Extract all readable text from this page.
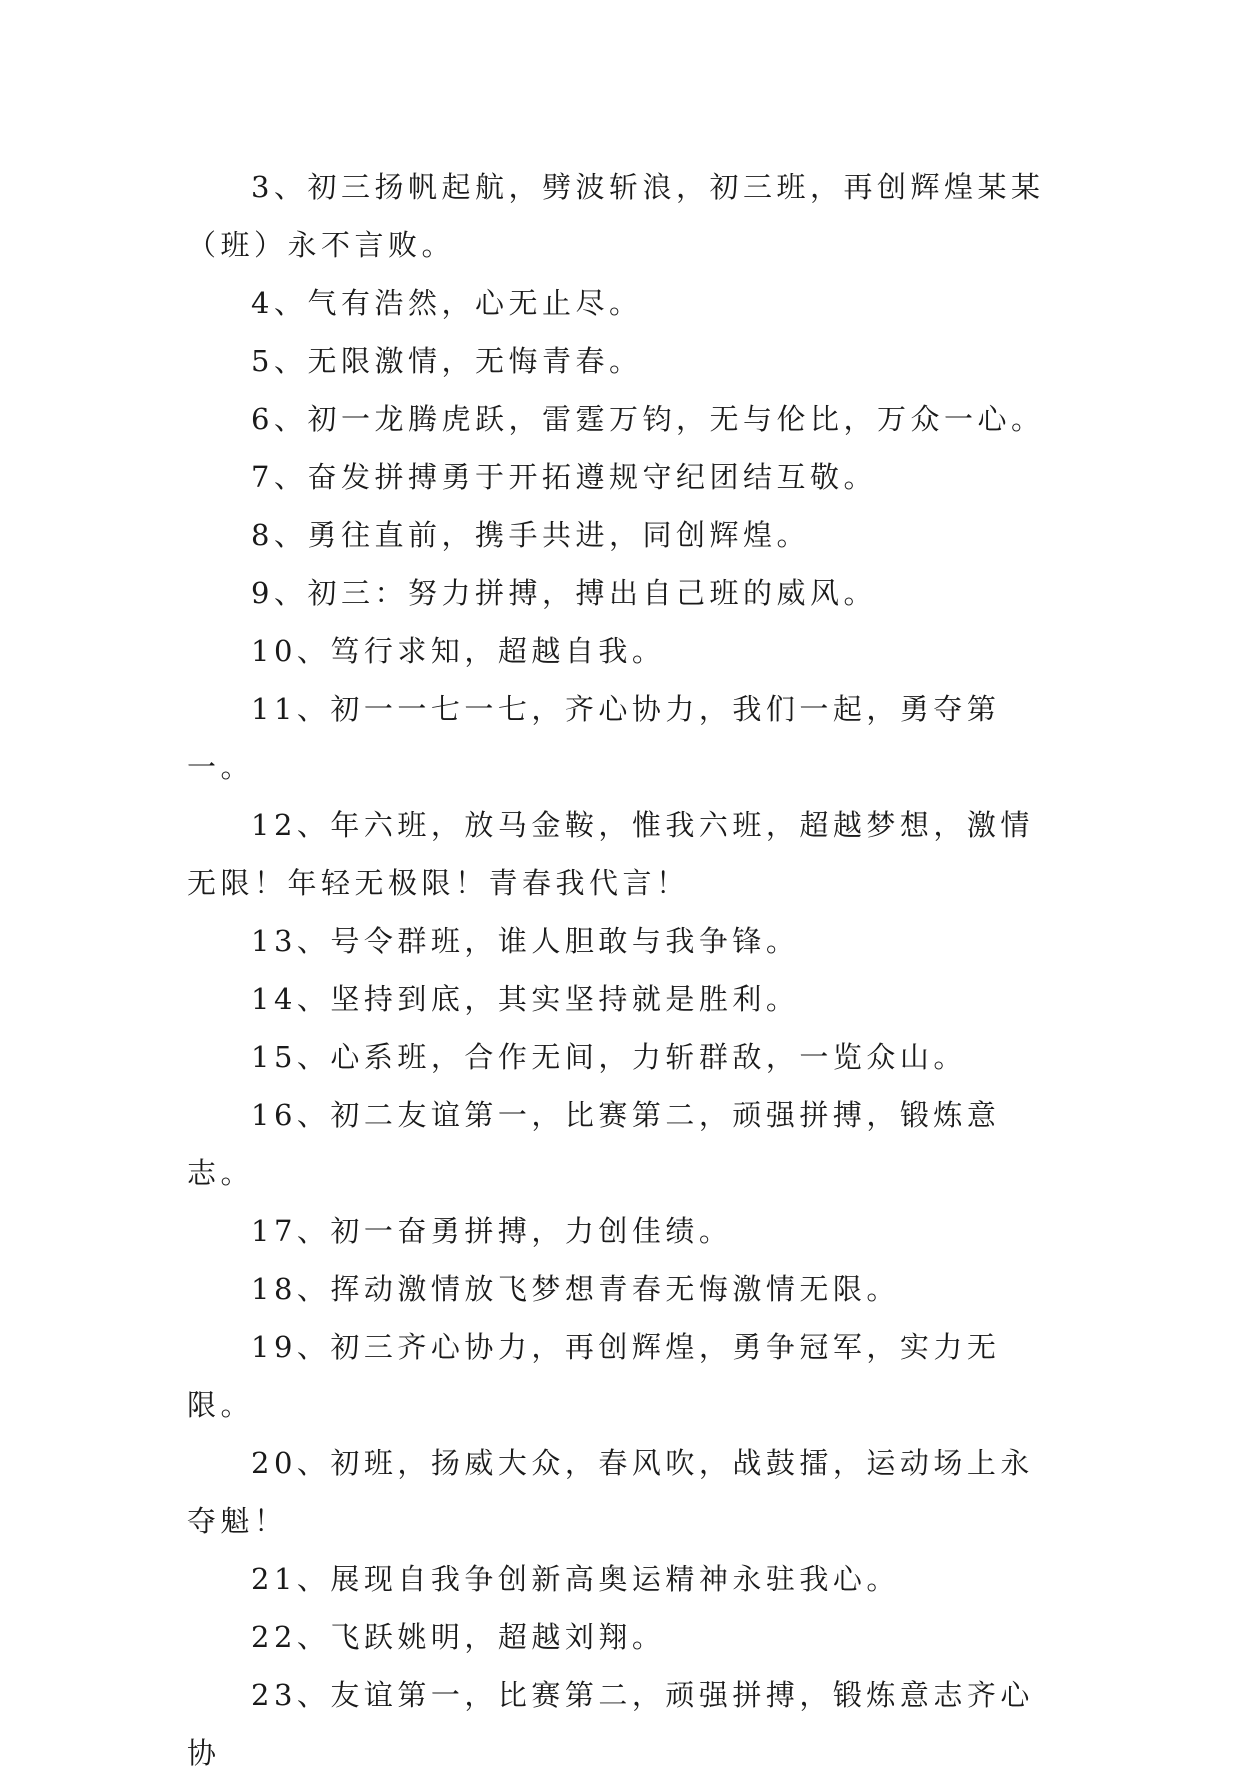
3、初三扬帆起航，劈波斩浪，初三班，再创辉煌某某（班）永不言败。

4、气有浩然，心无止尽。

5、无限激情，无悔青春。

6、初一龙腾虎跃，雷霆万钧，无与伦比，万众一心。

7、奋发拼搏勇于开拓遵规守纪团结互敬。

8、勇往直前，携手共进，同创辉煌。

9、初三：努力拼搏，搏出自己班的威风。

10、笃行求知，超越自我。

11、初一一七一七，齐心协力，我们一起，勇夺第一。

12、年六班，放马金鞍，惟我六班，超越梦想，激情无限！年轻无极限！青春我代言！

13、号令群班，谁人胆敢与我争锋。

14、坚持到底，其实坚持就是胜利。

15、心系班，合作无间，力斩群敌，一览众山。

16、初二友谊第一，比赛第二，顽强拼搏，锻炼意志。

17、初一奋勇拼搏，力创佳绩。

18、挥动激情放飞梦想青春无悔激情无限。

19、初三齐心协力，再创辉煌，勇争冠军，实力无限。

20、初班，扬威大众，春风吹，战鼓擂，运动场上永夺魁！

21、展现自我争创新高奥运精神永驻我心。

22、飞跃姚明，超越刘翔。

23、友谊第一，比赛第二，顽强拼搏，锻炼意志齐心协
